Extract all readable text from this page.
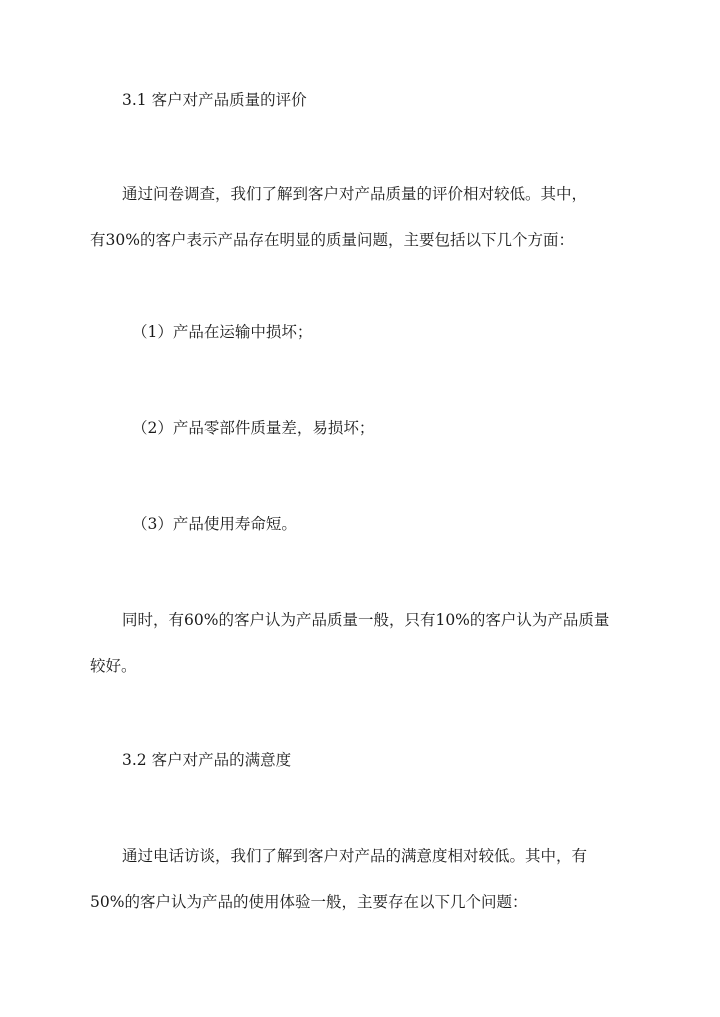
3.1 客户对产品质量的评价
通过问卷调查，我们了解到客户对产品质量的评价相对较低。其中，
有30%的客户表示产品存在明显的质量问题，主要包括以下几个方面：
（1）产品在运输中损坏；
（2）产品零部件质量差，易损坏；
（3）产品使用寿命短。
同时，有60%的客户认为产品质量一般，只有10%的客户认为产品质量
较好。
3.2 客户对产品的满意度
通过电话访谈，我们了解到客户对产品的满意度相对较低。其中，有
50%的客户认为产品的使用体验一般，主要存在以下几个问题：
